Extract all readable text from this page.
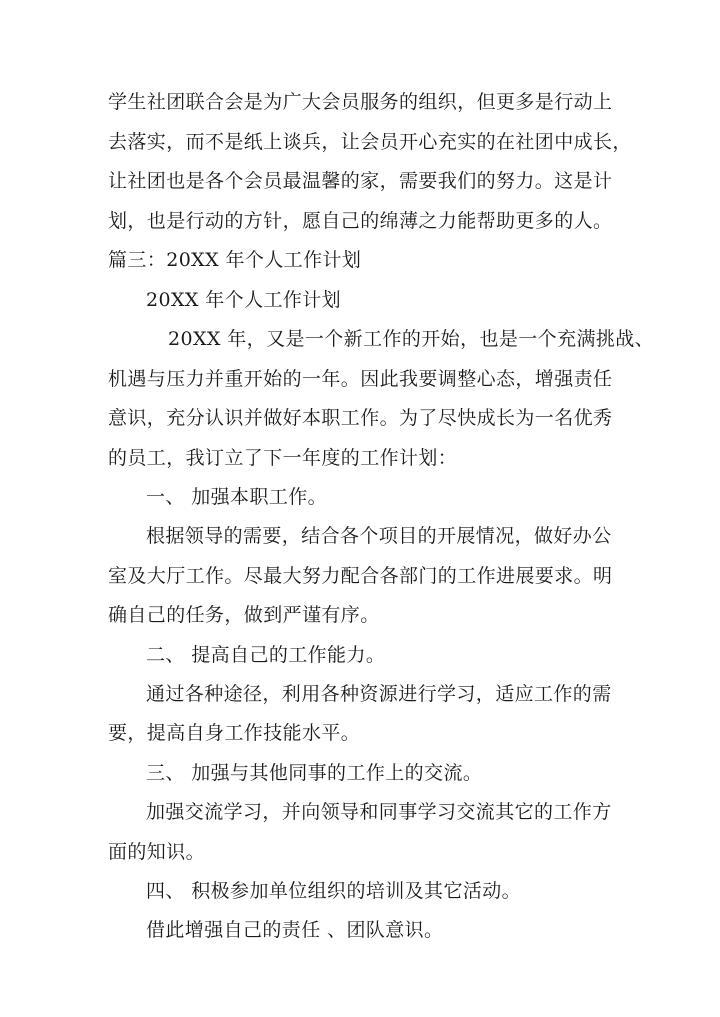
学生社团联合会是为广大会员服务的组织，但更多是行动上
去落实，而不是纸上谈兵，让会员开心充实的在社团中成长，
让社团也是各个会员最温馨的家，需要我们的努力。这是计
划，也是行动的方针，愿自己的绵薄之力能帮助更多的人。
篇三：20XX 年个人工作计划
20XX 年个人工作计划
20XX 年，又是一个新工作的开始，也是一个充满挑战、
机遇与压力并重开始的一年。因此我要调整心态，增强责任
意识，充分认识并做好本职工作。为了尽快成长为一名优秀
的员工，我订立了下一年度的工作计划：
一、 加强本职工作。
根据领导的需要，结合各个项目的开展情况，做好办公
室及大厅工作。尽最大努力配合各部门的工作进展要求。明
确自己的任务，做到严谨有序。
二、 提高自己的工作能力。
通过各种途径，利用各种资源进行学习，适应工作的需
要，提高自身工作技能水平。
三、 加强与其他同事的工作上的交流。
加强交流学习，并向领导和同事学习交流其它的工作方
面的知识。
四、 积极参加单位组织的培训及其它活动。
借此增强自己的责任 、团队意识。
